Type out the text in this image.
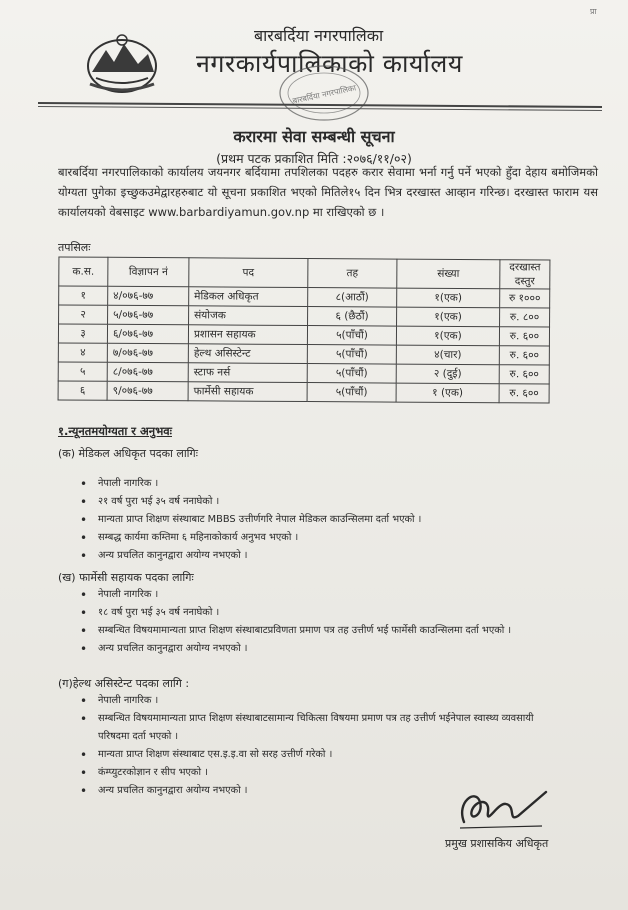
प्रा
बारबर्दिया नगरपालिका
नगरकार्यपालिकाको कार्यालय
बारबर्दिया नगरपालिका
करारमा सेवा सम्बन्धी सूचना
(प्रथम पटक प्रकाशित मिति :२०७६/११/०२)
बारबर्दिया नगरपालिकाको कार्यालय जयनगर बर्दियामा तपशिलका पदहरु करार सेवामा भर्ना गर्नु पर्ने भएको हुँदा देहाय बमोजिमको योग्यता पुगेका इच्छुकउमेद्वारहरुबाट यो सूचना प्रकाशित भएको मितिले१५ दिन भित्र दरखास्त आव्हान गरिन्छ। दरखास्त फाराम यस कार्यालयको वेबसाइट www.barbardiyamun.gov.np मा राखिएको छ ।
तपसिलः
क.स.	विज्ञापन नं	पद	तह	संख्या	दरखास्त दस्तुर
१	४/०७६-७७	मेडिकल अधिकृत	८(आठौं)	१(एक)	रु १०००
२	५/०७६-७७	संयोजक	६ (छैठौं)	१(एक)	रु. ८००
३	६/०७६-७७	प्रशासन सहायक	५(पाँचौं)	१(एक)	रु. ६००
४	७/०७६-७७	हेल्थ असिस्टेन्ट	५(पाँचौं)	४(चार)	रु. ६००
५	८/०७६-७७	स्टाफ नर्स	५(पाँचौं)	२ (दुई)	रु. ६००
६	९/०७६-७७	फार्मेसी सहायक	५(पाँचौं)	१ (एक)	रु. ६००
१.न्यूनतमयोग्यता र अनुभवः
(क) मेडिकल अधिकृत पदका लागिः
• नेपाली नागरिक ।
• २१ वर्ष पुरा भई ३५ वर्ष ननाघेको ।
• मान्यता प्राप्त शिक्षण संस्थाबाट MBBS उत्तीर्णगरि नेपाल मेडिकल काउन्सिलमा दर्ता भएको ।
• सम्बद्ध कार्यमा कम्तिमा ६ महिनाकोकार्य अनुभव भएको ।
• अन्य प्रचलित कानुनद्वारा अयोग्य नभएको ।
(ख) फार्मेसी सहायक पदका लागिः
• नेपाली नागरिक ।
• १८ वर्ष पुरा भई ३५ वर्ष ननाघेको ।
• सम्बन्धित विषयमामान्यता प्राप्त शिक्षण संस्थाबाटप्रविणता प्रमाण पत्र तह उत्तीर्ण भई फार्मेसी काउन्सिलमा दर्ता भएको ।
• अन्य प्रचलित कानुनद्वारा अयोग्य नभएको ।
(ग)हेल्थ असिस्टेन्ट पदका लागि :
• नेपाली नागरिक ।
• सम्बन्धित विषयमामान्यता प्राप्त शिक्षण संस्थाबाटसामान्य चिकित्सा विषयमा प्रमाण पत्र तह उत्तीर्ण भईनेपाल स्वास्थ्य व्यवसायी परिषदमा दर्ता भएको ।
• मान्यता प्राप्त शिक्षण संस्थाबाट एस.इ.इ.वा सो सरह उत्तीर्ण गरेको ।
• कंम्प्युटरकोज्ञान र सीप भएको ।
• अन्य प्रचलित कानुनद्वारा अयोग्य नभएको ।
प्रमुख प्रशासकिय अधिकृत
